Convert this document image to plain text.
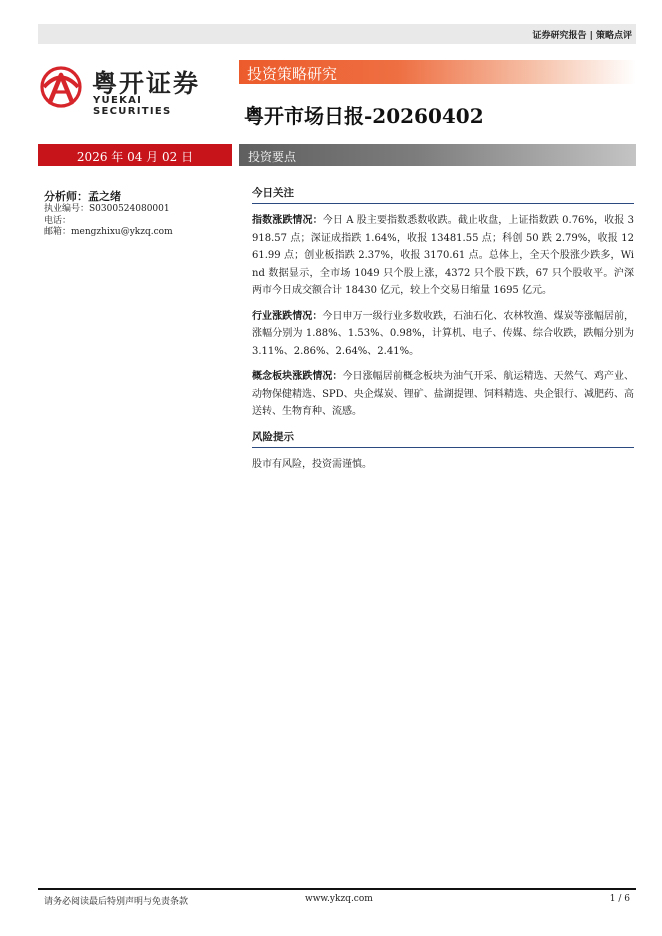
证券研究报告 | 策略点评
粤开证券
YUEKAI SECURITIES
投资策略研究
粤开市场日报-20260402
2026 年 04 月 02 日	投资要点
分析师：孟之绪
执业编号：S0300524080001
电话：
邮箱：mengzhixu@ykzq.com
今日关注

指数涨跌情况：今日 A 股主要指数悉数收跌。截止收盘，上证指数跌 0.76%，收报 3918.57 点；深证成指跌 1.64%，收报 13481.55 点；科创 50 跌 2.79%，收报 1261.99 点；创业板指跌 2.37%，收报 3170.61 点。总体上，全天个股涨少跌多，Wind 数据显示，全市场 1049 只个股上涨，4372 只个股下跌，67 只个股收平。沪深两市今日成交额合计 18430 亿元，较上个交易日缩量 1695 亿元。

行业涨跌情况：今日申万一级行业多数收跌，石油石化、农林牧渔、煤炭等涨幅居前，涨幅分别为 1.88%、1.53%、0.98%，计算机、电子、传媒、综合收跌，跌幅分别为 3.11%、2.86%、2.64%、2.41%。

概念板块涨跌情况：今日涨幅居前概念板块为油气开采、航运精选、天然气、鸡产业、动物保健精选、SPD、央企煤炭、锂矿、盐湖提锂、饲料精选、央企银行、减肥药、高送转、生物育种、流感。

风险提示
股市有风险，投资需谨慎。
请务必阅读最后特别声明与免责条款	www.ykzq.com	1 / 6
